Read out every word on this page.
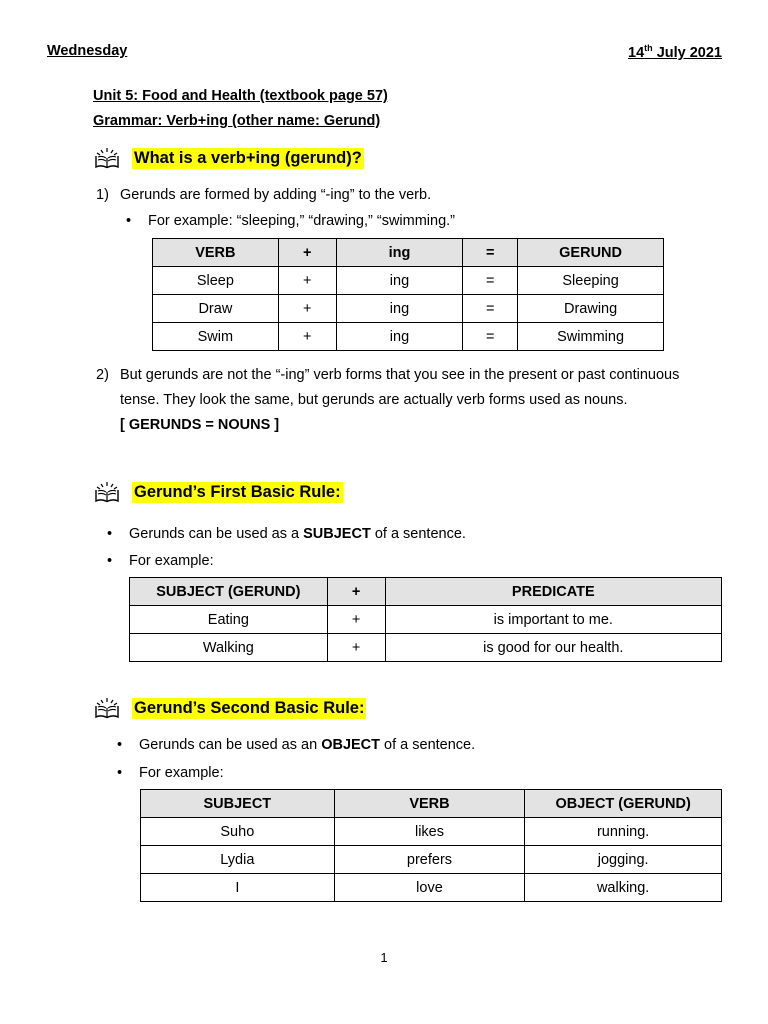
Wednesday	14th July 2021
Unit 5: Food and Health (textbook page 57)
Grammar: Verb+ing (other name: Gerund)
What is a verb+ing (gerund)?
1) Gerunds are formed by adding “-ing” to the verb.
• For example: “sleeping,” “drawing,” “swimming.”
VERB	+	ing	=	GERUND
Sleep	+	ing	=	Sleeping
Draw	+	ing	=	Drawing
Swim	+	ing	=	Swimming
2) But gerunds are not the “-ing” verb forms that you see in the present or past continuous
tense. They look the same, but gerunds are actually verb forms used as nouns.
[ GERUNDS = NOUNS ]
Gerund’s First Basic Rule:
• Gerunds can be used as a SUBJECT of a sentence.
• For example:
SUBJECT (GERUND)	+	PREDICATE
Eating	+	is important to me.
Walking	+	is good for our health.
Gerund’s Second Basic Rule:
• Gerunds can be used as an OBJECT of a sentence.
• For example:
SUBJECT	VERB	OBJECT (GERUND)
Suho	likes	running.
Lydia	prefers	jogging.
I	love	walking.
1
